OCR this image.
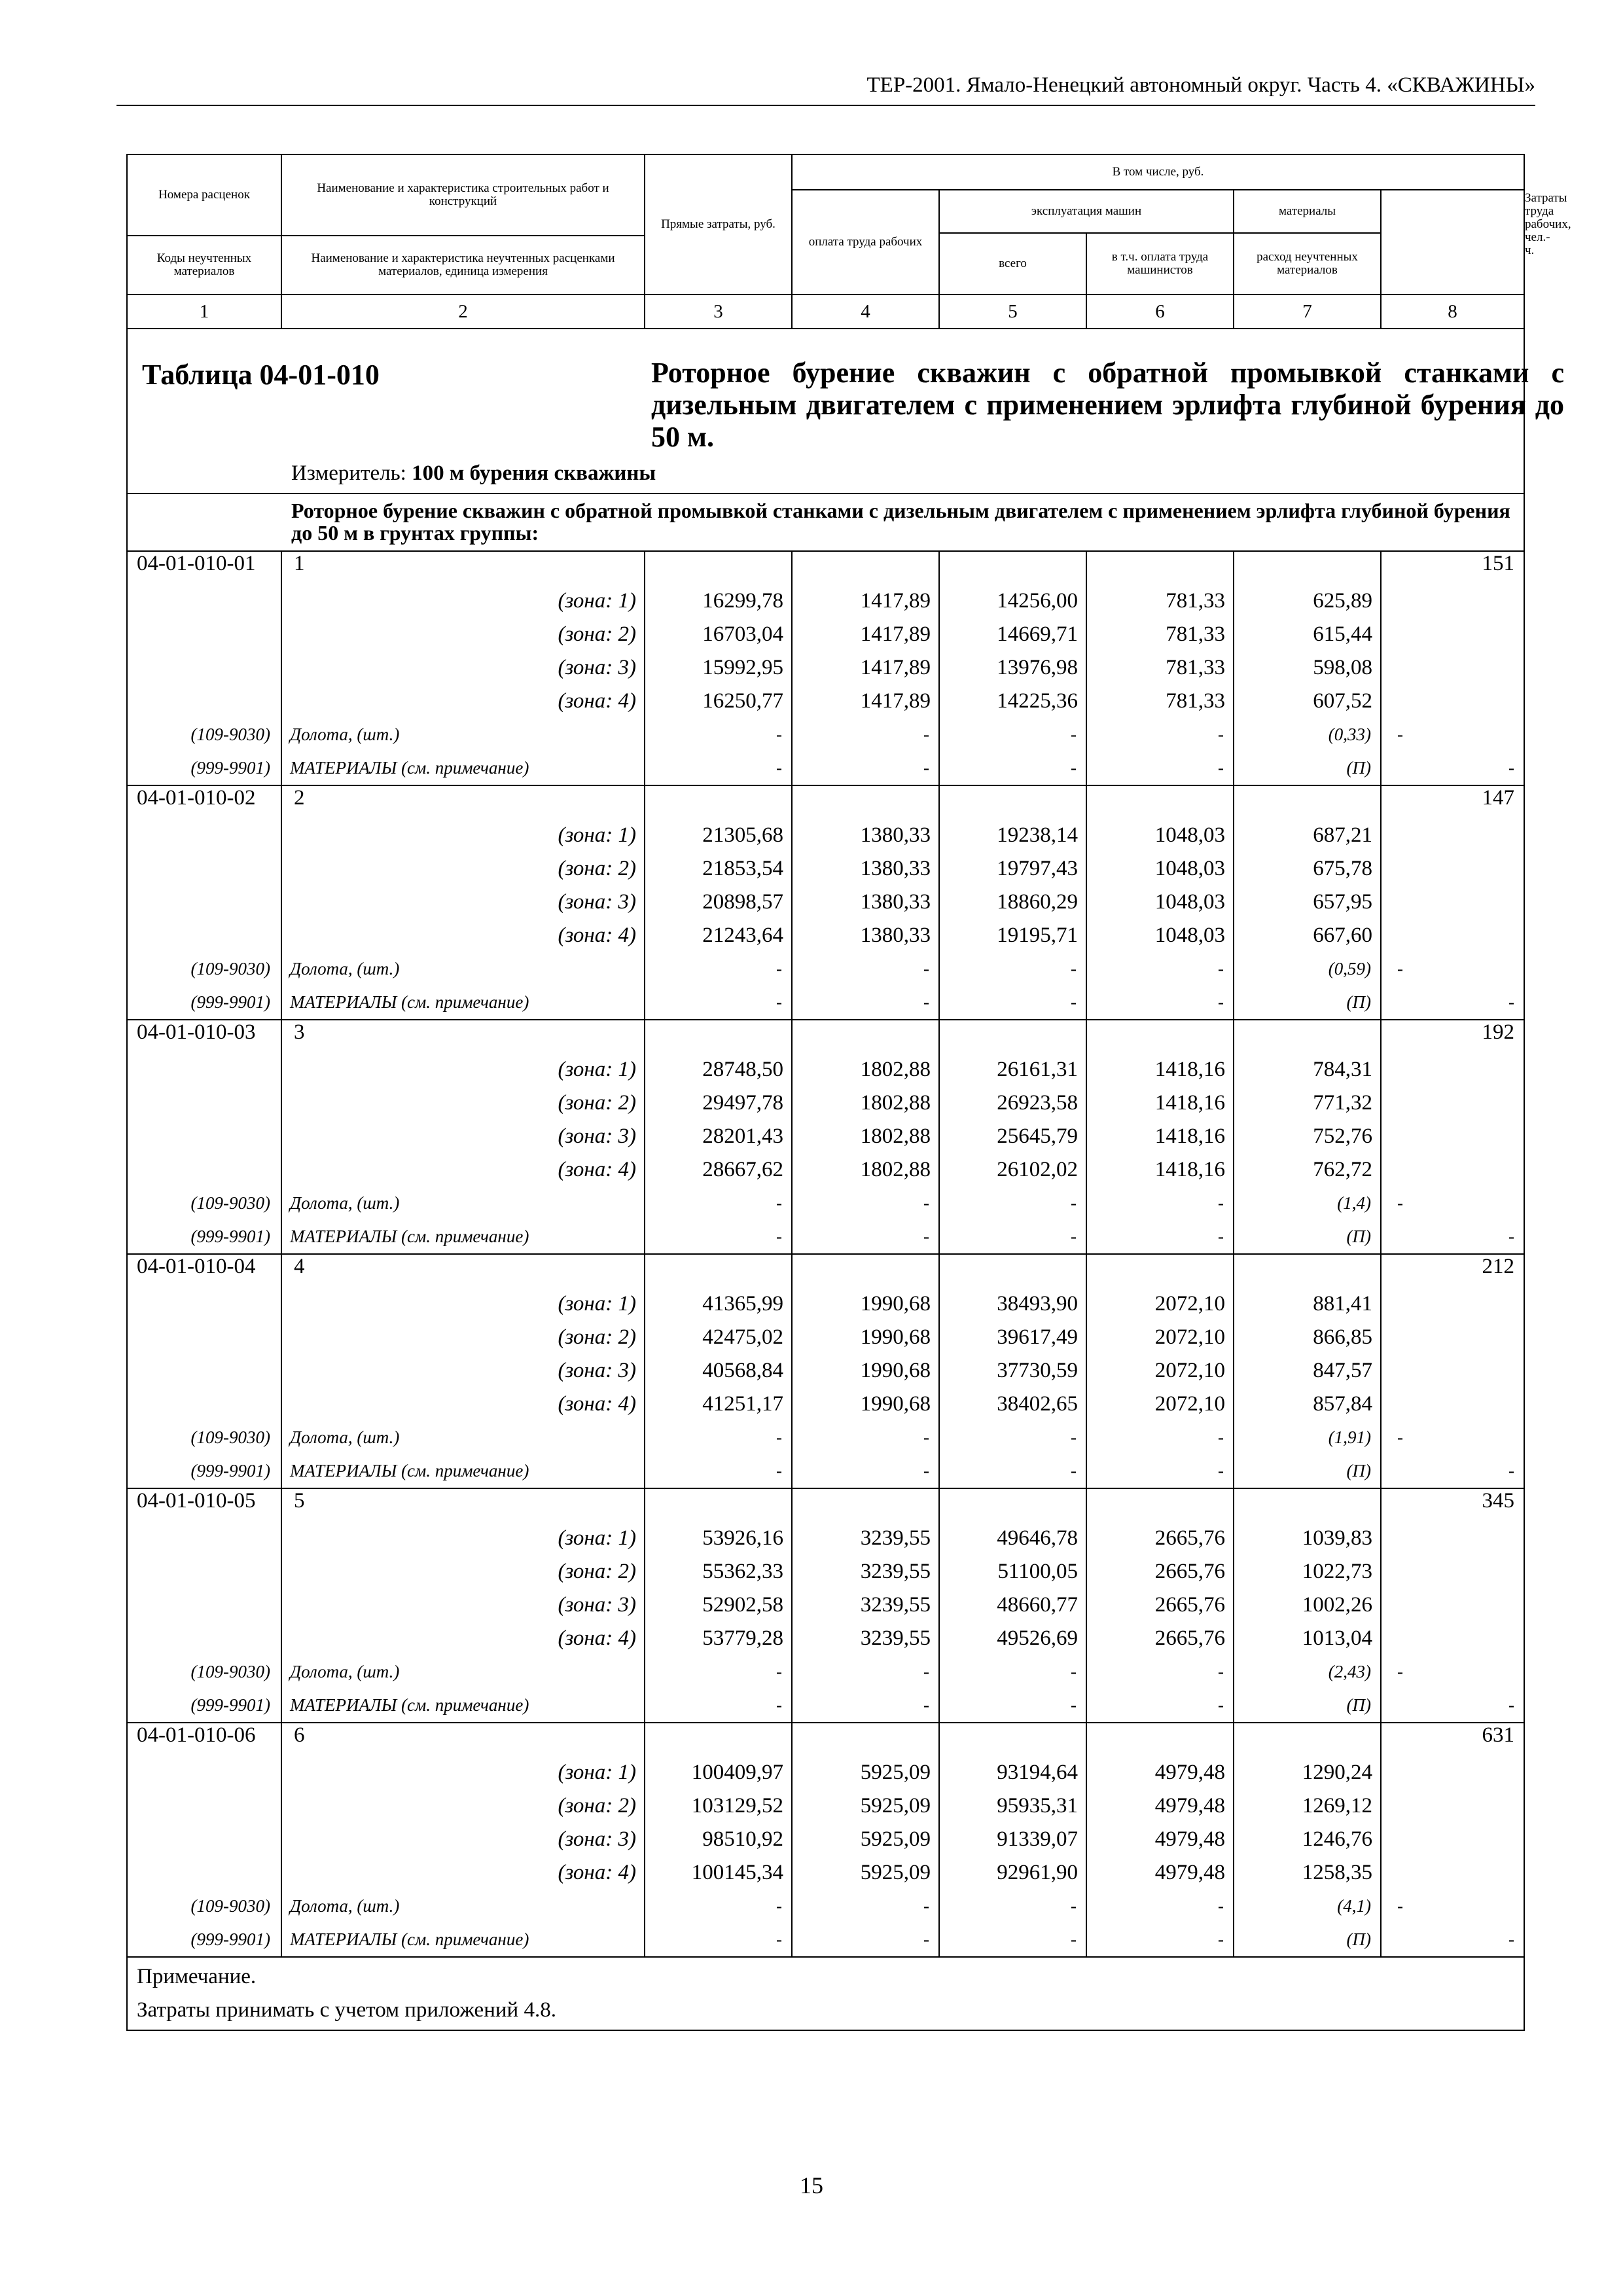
ТЕР-2001. Ямало-Ненецкий автономный округ. Часть 4. «СКВАЖИНЫ»
Номера расценок	Наименование и характеристика строительных работ и конструкций	Прямые затраты, руб.	В том числе, руб.					Затраты труда рабочих, чел.-ч.
			оплата труда рабочих	эксплуатация машин		материалы		
				всего	в т.ч. оплата труда машинистов	расход неучтенных материалов		
Коды неучтенных материалов	Наименование и характеристика неучтенных расценками материалов, единица измерения							
1	2	3	4	5	6	7	8	

Таблица 04-01-010 Роторное бурение скважин с обратной промывкой станками с дизельным двигателем с применением эрлифта глубиной бурения до 50 м.
Измеритель: 100 м бурения скважины								

Роторное бурение скважин с обратной промывкой станками с дизельным двигателем с применением эрлифта глубиной бурения до 50 м в грунтах группы:								
04-01-010-01	1						151	
	(зона: 1)	16299,78	1417,89	14256,00	781,33	625,89		
	(зона: 2)	16703,04	1417,89	14669,71	781,33	615,44		
	(зона: 3)	15992,95	1417,89	13976,98	781,33	598,08		
	(зона: 4)	16250,77	1417,89	14225,36	781,33	607,52		
(109-9030)	Долота, (шт.)	-	-	-	-	(0,33)	-	
(999-9901)	МАТЕРИАЛЫ (см. примечание)	-	-	-	-	(П)	-	
04-01-010-02	2						147	
	(зона: 1)	21305,68	1380,33	19238,14	1048,03	687,21		
	(зона: 2)	21853,54	1380,33	19797,43	1048,03	675,78		
	(зона: 3)	20898,57	1380,33	18860,29	1048,03	657,95		
	(зона: 4)	21243,64	1380,33	19195,71	1048,03	667,60		
(109-9030)	Долота, (шт.)	-	-	-	-	(0,59)	-	
(999-9901)	МАТЕРИАЛЫ (см. примечание)	-	-	-	-	(П)	-	
04-01-010-03	3						192	
	(зона: 1)	28748,50	1802,88	26161,31	1418,16	784,31		
	(зона: 2)	29497,78	1802,88	26923,58	1418,16	771,32		
	(зона: 3)	28201,43	1802,88	25645,79	1418,16	752,76		
	(зона: 4)	28667,62	1802,88	26102,02	1418,16	762,72		
(109-9030)	Долота, (шт.)	-	-	-	-	(1,4)	-	
(999-9901)	МАТЕРИАЛЫ (см. примечание)	-	-	-	-	(П)	-	
04-01-010-04	4						212	
	(зона: 1)	41365,99	1990,68	38493,90	2072,10	881,41		
	(зона: 2)	42475,02	1990,68	39617,49	2072,10	866,85		
	(зона: 3)	40568,84	1990,68	37730,59	2072,10	847,57		
	(зона: 4)	41251,17	1990,68	38402,65	2072,10	857,84		
(109-9030)	Долота, (шт.)	-	-	-	-	(1,91)	-	
(999-9901)	МАТЕРИАЛЫ (см. примечание)	-	-	-	-	(П)	-	
04-01-010-05	5						345	
	(зона: 1)	53926,16	3239,55	49646,78	2665,76	1039,83		
	(зона: 2)	55362,33	3239,55	51100,05	2665,76	1022,73		
	(зона: 3)	52902,58	3239,55	48660,77	2665,76	1002,26		
	(зона: 4)	53779,28	3239,55	49526,69	2665,76	1013,04		
(109-9030)	Долота, (шт.)	-	-	-	-	(2,43)	-	
(999-9901)	МАТЕРИАЛЫ (см. примечание)	-	-	-	-	(П)	-	
04-01-010-06	6						631	
	(зона: 1)	100409,97	5925,09	93194,64	4979,48	1290,24		
	(зона: 2)	103129,52	5925,09	95935,31	4979,48	1269,12		
	(зона: 3)	98510,92	5925,09	91339,07	4979,48	1246,76		
	(зона: 4)	100145,34	5925,09	92961,90	4979,48	1258,35		
(109-9030)	Долота, (шт.)	-	-	-	-	(4,1)	-	
(999-9901)	МАТЕРИАЛЫ (см. примечание)	-	-	-	-	(П)	-	

Примечание.
Затраты принимать с учетом приложений 4.8.								
15
